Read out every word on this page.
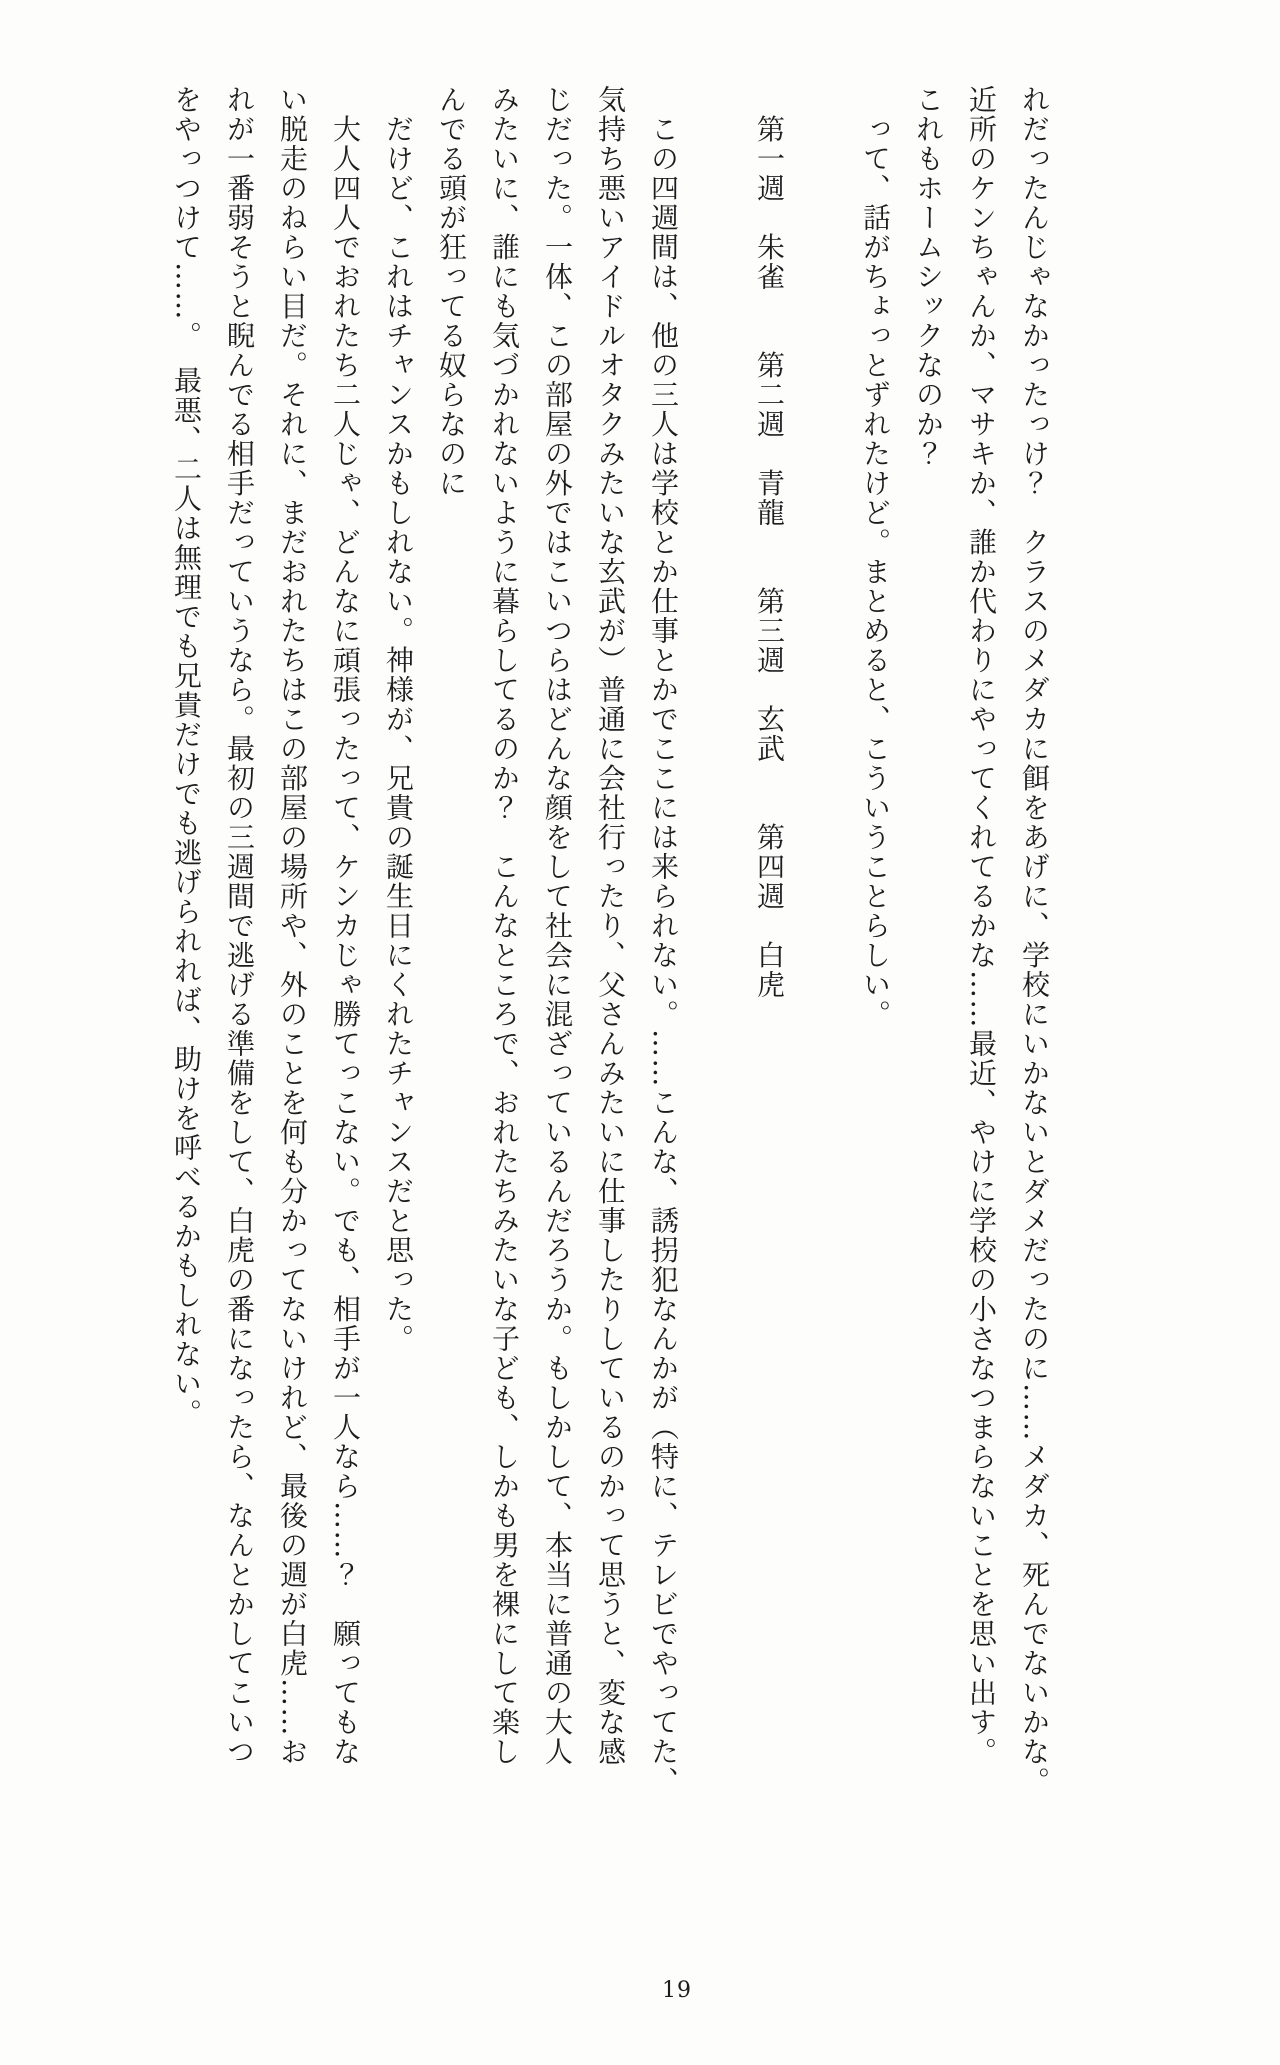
れだったんじゃなかったっけ？　クラスのメダカに餌をあげに、学校にいかないとダメだったのに……メダカ、死んでないかな。
近所のケンちゃんか、マサキか、誰か代わりにやってくれてるかな……最近、やけに学校の小さなつまらないことを思い出す。
これもホームシックなのか？
　って、話がちょっとずれたけど。まとめると、こういうことらしい。
　第一週　朱雀　　第二週　青龍　　第三週　玄武　　第四週　白虎
　この四週間は、他の三人は学校とか仕事とかでここには来られない。……こんな、誘拐犯なんかが（特に、テレビでやってた、
気持ち悪いアイドルオタクみたいな玄武が）普通に会社行ったり、父さんみたいに仕事したりしているのかって思うと、変な感
じだった。一体、この部屋の外ではこいつらはどんな顔をして社会に混ざっているんだろうか。もしかして、本当に普通の大人
みたいに、誰にも気づかれないように暮らしてるのか？　こんなところで、おれたちみたいな子ども、しかも男を裸にして楽し
んでる頭が狂ってる奴らなのに
　だけど、これはチャンスかもしれない。神様が、兄貴の誕生日にくれたチャンスだと思った。
　大人四人でおれたち二人じゃ、どんなに頑張ったって、ケンカじゃ勝てっこない。でも、相手が一人なら……？　願ってもな
い脱走のねらい目だ。それに、まだおれたちはこの部屋の場所や、外のことを何も分かってないけれど、最後の週が白虎……お
れが一番弱そうと睨んでる相手だっていうなら。最初の三週間で逃げる準備をして、白虎の番になったら、なんとかしてこいつ
をやっつけて……。　最悪、二人は無理でも兄貴だけでも逃げられれば、助けを呼べるかもしれない。
19
